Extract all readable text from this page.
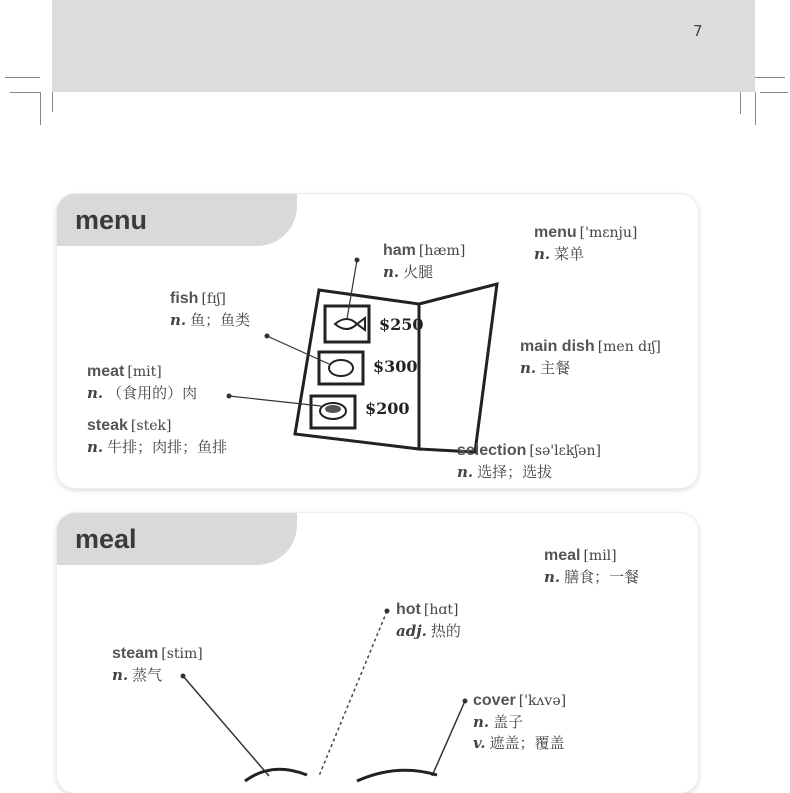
7
menu
$250
$300
$200
ham [hæm]
n. 火腿
menu ['mɛnju]
n. 菜单
fish [fɪʃ]
n. 鱼；鱼类
meat [mit]
n. （食用的）肉
steak [stek]
n. 牛排；肉排；鱼排
main dish [men dɪʃ]
n. 主餐
selection [sə'lɛkʃən]
n. 选择；选拔
meal
meal [mil]
n. 膳食；一餐
hot [hɑt]
adj. 热的
steam [stim]
n. 蒸气
cover ['kʌvə]
n. 盖子
v. 遮盖；覆盖
